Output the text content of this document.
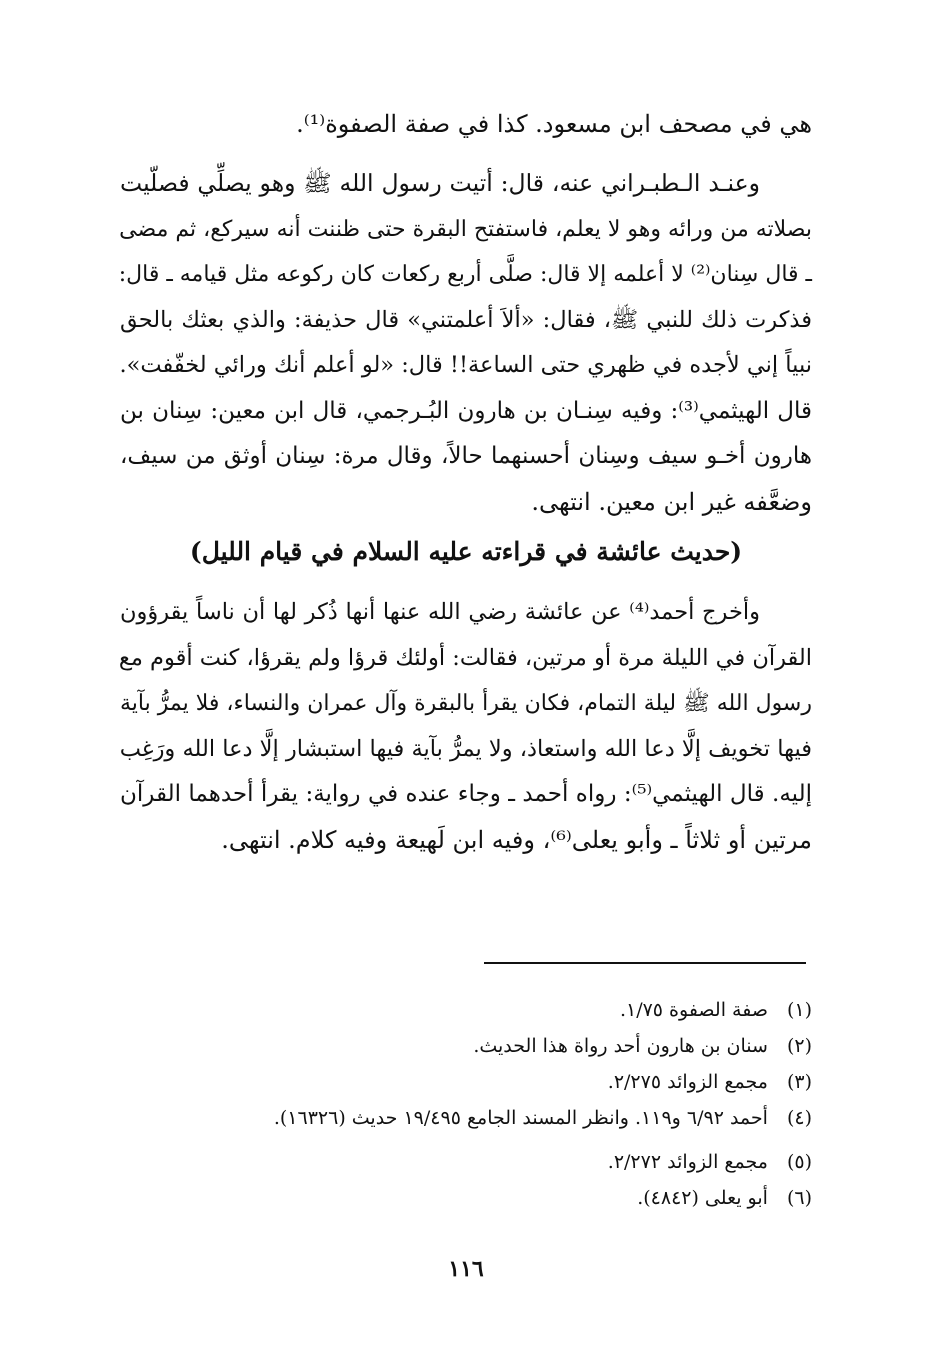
هي في مصحف ابن مسعود. كذا في صفة الصفوة⁽¹⁾.
وعنـد الـطبـراني عنه، قال: أتيت رسول الله ﷺ وهو يصلِّي فصلّيت
بصلاته من ورائه وهو لا يعلم، فاستفتح البقرة حتى ظننت أنه سيركع، ثم مضى
ـ قال سِنان⁽²⁾ لا أعلمه إلا قال: صلَّى أربع ركعات كان ركوعه مثل قيامه ـ قال:
فذكرت ذلك للنبي ﷺ، فقال: «ألاَ أعلمتني» قال حذيفة: والذي بعثك بالحق
نبياً إني لأجده في ظهري حتى الساعة!! قال: «لو أعلم أنك ورائي لخفّفت».
قال الهيثمي⁽³⁾: وفيه سِنـان بن هارون البُـرجمي، قال ابن معين: سِنان بن
هارون أخـو سيف وسِنان أحسنهما حالاً، وقال مرة: سِنان أوثق من سيف،
وضعَّفه غير ابن معين. انتهى.
(حديث عائشة في قراءته عليه السلام في قيام الليل)
وأخرج أحمد⁽⁴⁾ عن عائشة رضي الله عنها أنها ذُكر لها أن ناساً يقرؤون
القرآن في الليلة مرة أو مرتين، فقالت: أولئك قرؤا ولم يقرؤا، كنت أقوم مع
رسول الله ﷺ ليلة التمام، فكان يقرأ بالبقرة وآل عمران والنساء، فلا يمرُّ بآية
فيها تخويف إلَّا دعا الله واستعاذ، ولا يمرُّ بآية فيها استبشار إلَّا دعا الله ورَغِب
إليه. قال الهيثمي⁽⁵⁾: رواه أحمد ـ وجاء عنده في رواية: يقرأ أحدهما القرآن
مرتين أو ثلاثاً ـ وأبو يعلى⁽⁶⁾، وفيه ابن لَهيعة وفيه كلام. انتهى.
(١) صفة الصفوة ١/٧٥.
(٢) سنان بن هارون أحد رواة هذا الحديث.
(٣) مجمع الزوائد ٢/٢٧٥.
(٤) أحمد ٦/٩٢ و١١٩. وانظر المسند الجامع ١٩/٤٩٥ حديث (١٦٣٢٦).
(٥) مجمع الزوائد ٢/٢٧٢.
(٦) أبو يعلى (٤٨٤٢).
١١٦
